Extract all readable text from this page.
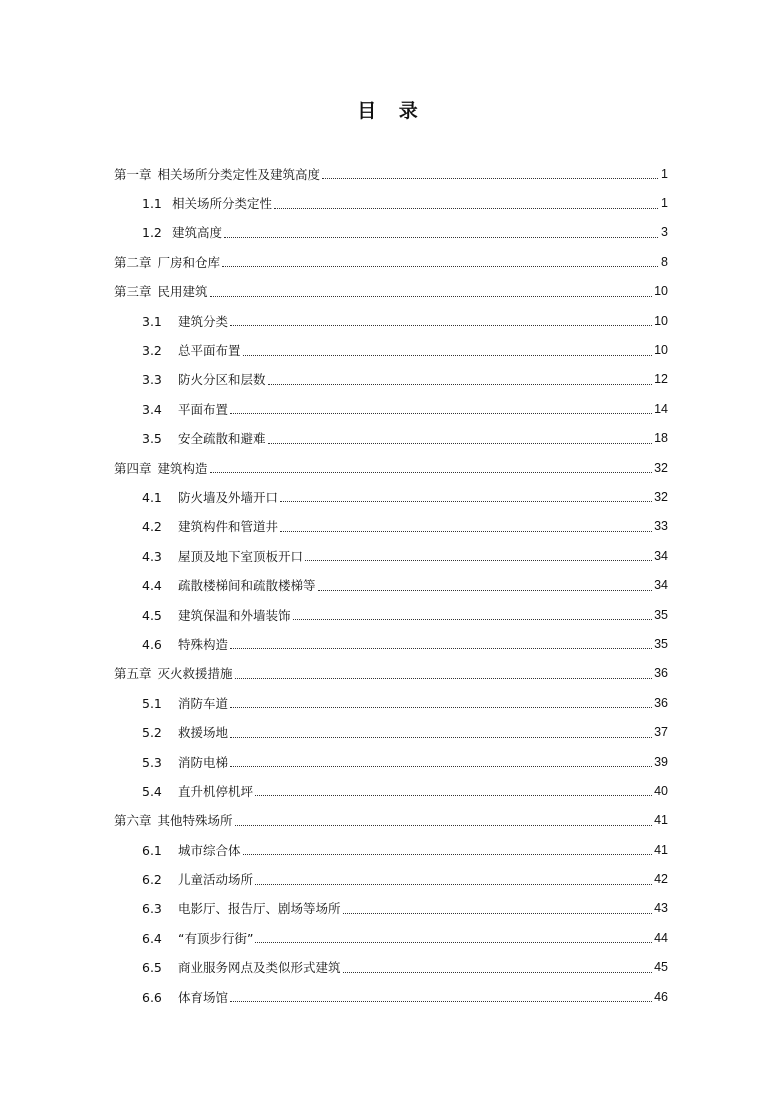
目 录
第一章 相关场所分类定性及建筑高度	1
1.1 相关场所分类定性	1
1.2 建筑高度	3
第二章 厂房和仓库	8
第三章 民用建筑	10
3.1 建筑分类	10
3.2 总平面布置	10
3.3 防火分区和层数	12
3.4 平面布置	14
3.5 安全疏散和避难	18
第四章 建筑构造	32
4.1 防火墙及外墙开口	32
4.2 建筑构件和管道井	33
4.3 屋顶及地下室顶板开口	34
4.4 疏散楼梯间和疏散楼梯等	34
4.5 建筑保温和外墙装饰	35
4.6 特殊构造	35
第五章 灭火救援措施	36
5.1 消防车道	36
5.2 救援场地	37
5.3 消防电梯	39
5.4 直升机停机坪	40
第六章 其他特殊场所	41
6.1 城市综合体	41
6.2 儿童活动场所	42
6.3 电影厅、报告厅、剧场等场所	43
6.4 “有顶步行街”	44
6.5 商业服务网点及类似形式建筑	45
6.6 体育场馆	46
